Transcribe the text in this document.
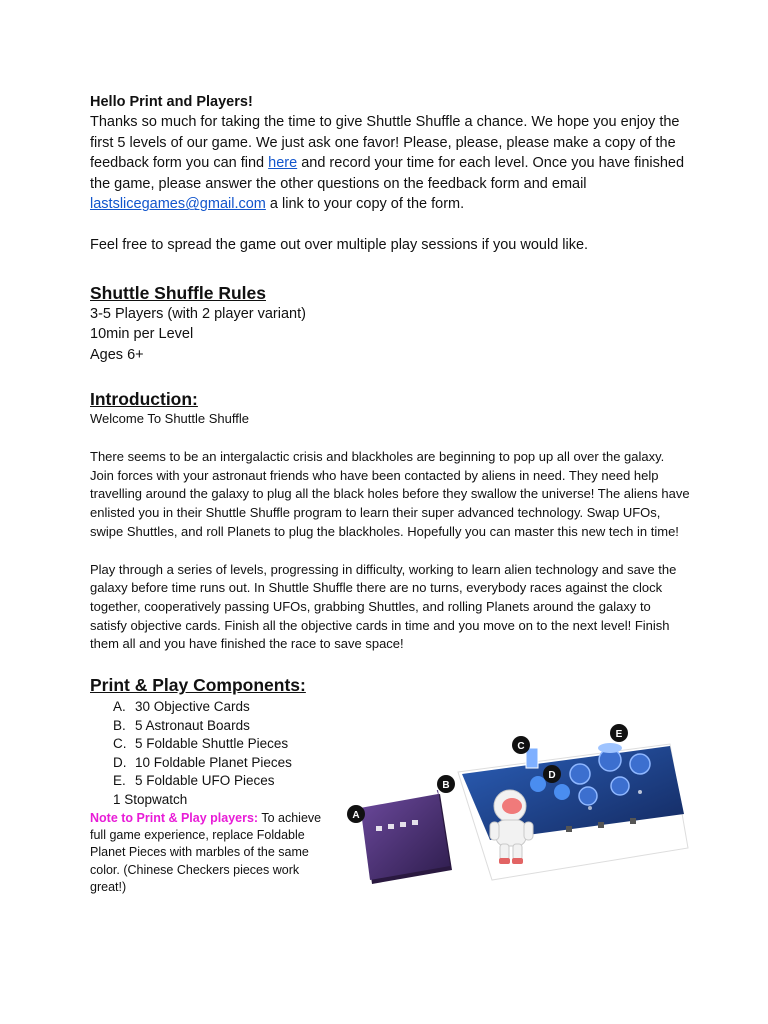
Hello Print and Players!

Thanks so much for taking the time to give Shuttle Shuffle a chance. We hope you enjoy the first 5 levels of our game. We just ask one favor! Please, please, please make a copy of the feedback form you can find here and record your time for each level. Once you have finished the game, please answer the other questions on the feedback form and email lastslicegames@gmail.com a link to your copy of the form.

Feel free to spread the game out over multiple play sessions if you would like.

Shuttle Shuffle Rules

3-5 Players (with 2 player variant)

10min per Level

Ages 6+

Introduction:

Welcome To Shuttle Shuffle

There seems to be an intergalactic crisis and blackholes are beginning to pop up all over the galaxy. Join forces with your astronaut friends who have been contacted by aliens in need. They need help travelling around the galaxy to plug all the black holes before they swallow the universe! The aliens have enlisted you in their Shuttle Shuffle program to learn their super advanced technology. Swap UFOs, swipe Shuttles, and roll Planets to plug the blackholes. Hopefully you can master this new tech in time!

Play through a series of levels, progressing in difficulty, working to learn alien technology and save the galaxy before time runs out. In Shuttle Shuffle there are no turns, everybody races against the clock together, cooperatively passing UFOs, grabbing Shuttles, and rolling Planets around the galaxy to satisfy objective cards. Finish all the objective cards in time and you move on to the next level! Finish them all and you have finished the race to save space!

Print & Play Components:
A. 30 Objective Cards
B. 5 Astronaut Boards
C. 5 Foldable Shuttle Pieces
D. 10 Foldable Planet Pieces
E. 5 Foldable UFO Pieces

1 Stopwatch

Note to Print & Play players: To achieve full game experience, replace Foldable Planet Pieces with marbles of the same color. (Chinese Checkers pieces work great!)

A
B
C
D
E
